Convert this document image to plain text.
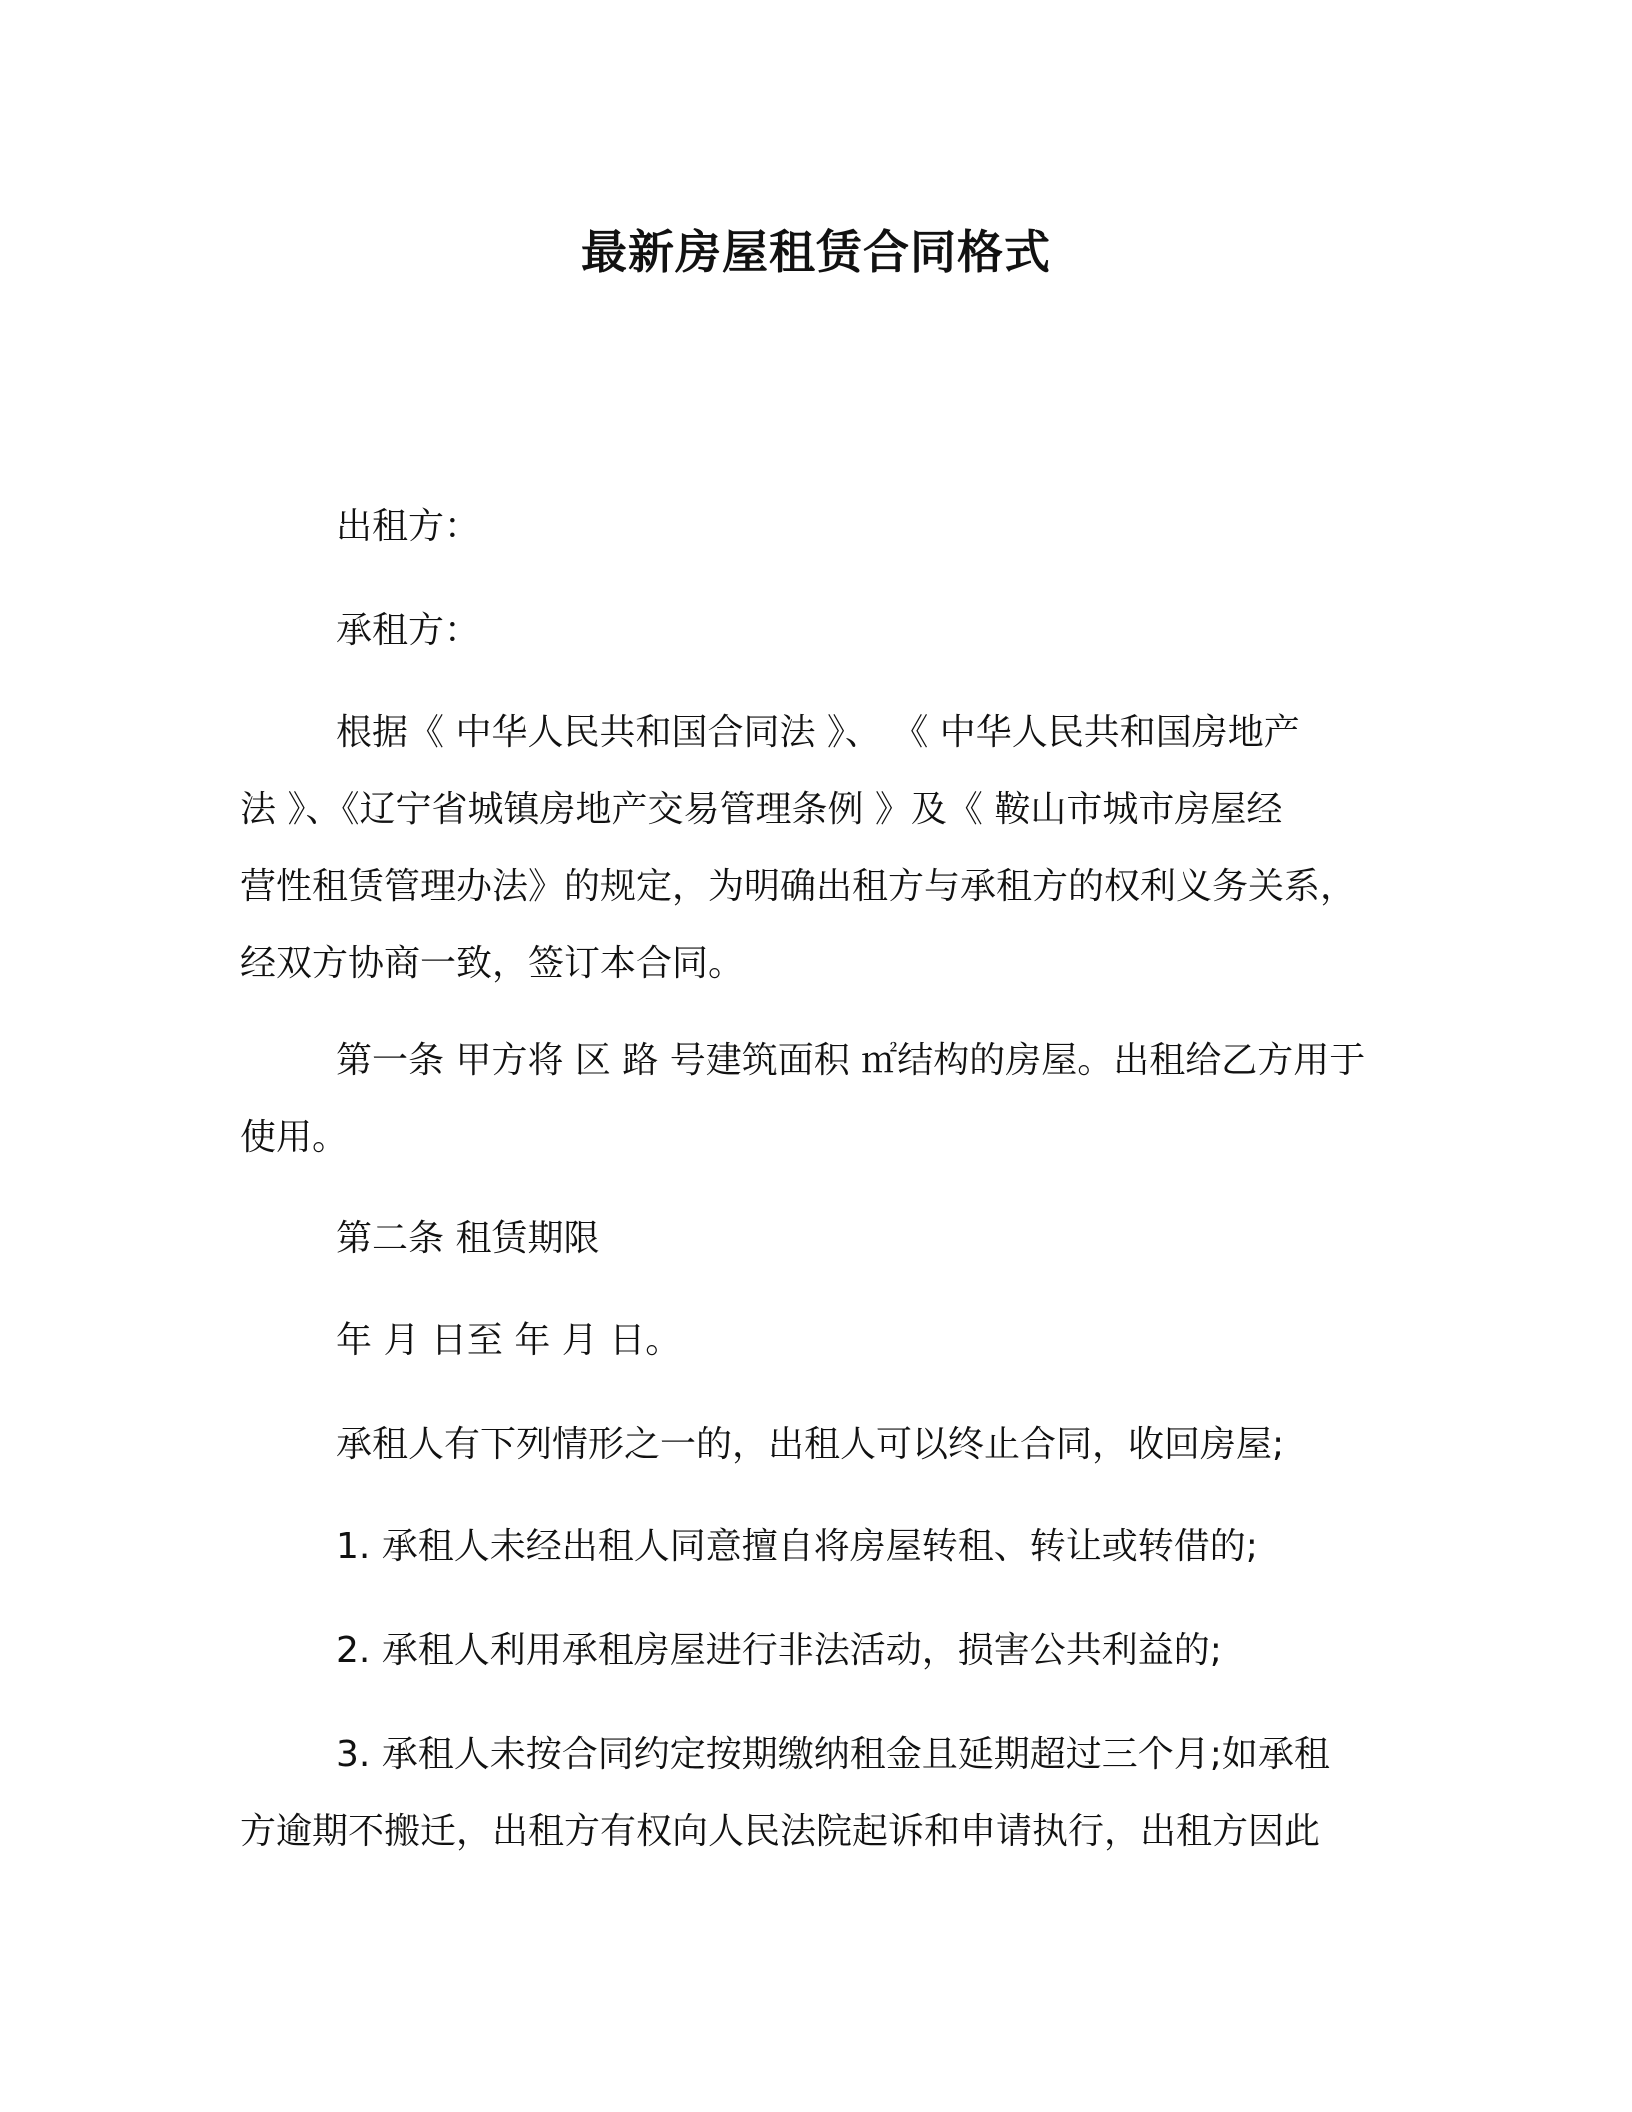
最新房屋租赁合同格式
出租方：
承租方：
根据《 中华人民共和国合同法 》、 《 中华人民共和国房地产
法 》、《辽宁省城镇房地产交易管理条例 》及《 鞍山市城市房屋经
营性租赁管理办法》的规定，为明确出租方与承租方的权利义务关系，
经双方协商一致，签订本合同。
第一条 甲方将 区 路 号建筑面积 ㎡结构的房屋。出租给乙方用于
使用。
第二条 租赁期限
年 月 日至 年 月 日。
承租人有下列情形之一的，出租人可以终止合同，收回房屋;
1. 承租人未经出租人同意擅自将房屋转租、转让或转借的;
2. 承租人利用承租房屋进行非法活动，损害公共利益的;
3. 承租人未按合同约定按期缴纳租金且延期超过三个月;如承租
方逾期不搬迁，出租方有权向人民法院起诉和申请执行，出租方因此
